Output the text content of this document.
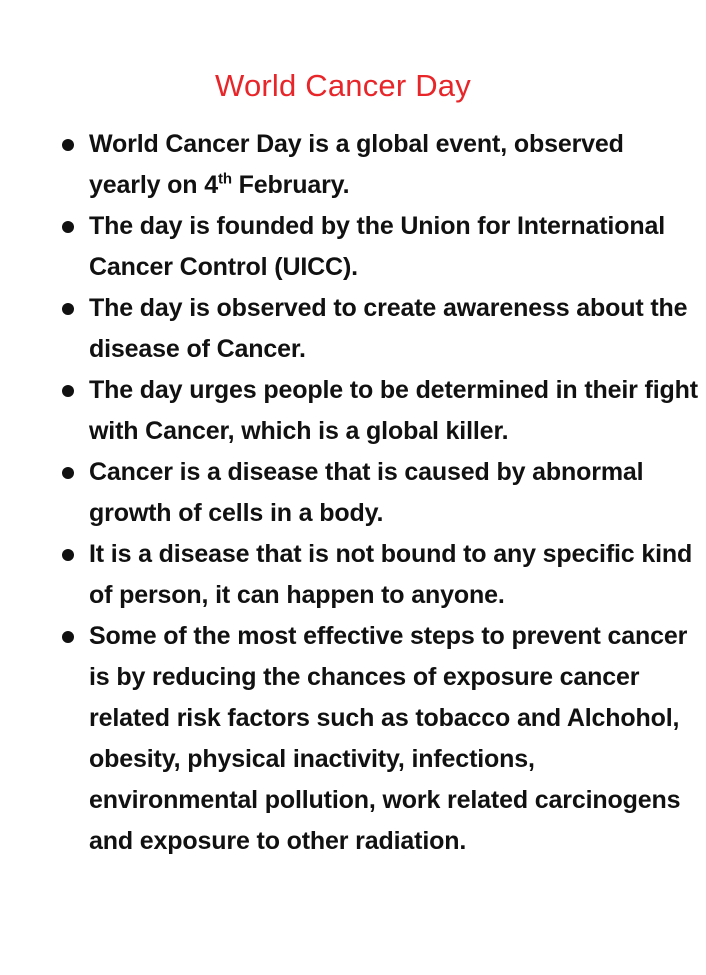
World Cancer Day
World Cancer Day is a global event, observed yearly on 4th February.
The day is founded by the Union for International Cancer Control (UICC).
The day is observed to create awareness about the disease of Cancer.
The day urges people to be determined in their fight with Cancer, which is a global killer.
Cancer is a disease that is caused by abnormal growth of cells in a body.
It is a disease that is not bound to any specific kind of person, it can happen to anyone.
Some of the most effective steps to prevent cancer is by reducing the chances of exposure cancer related risk factors such as tobacco and Alchohol, obesity, physical inactivity, infections, environmental pollution, work related carcinogens and exposure to other radiation.
